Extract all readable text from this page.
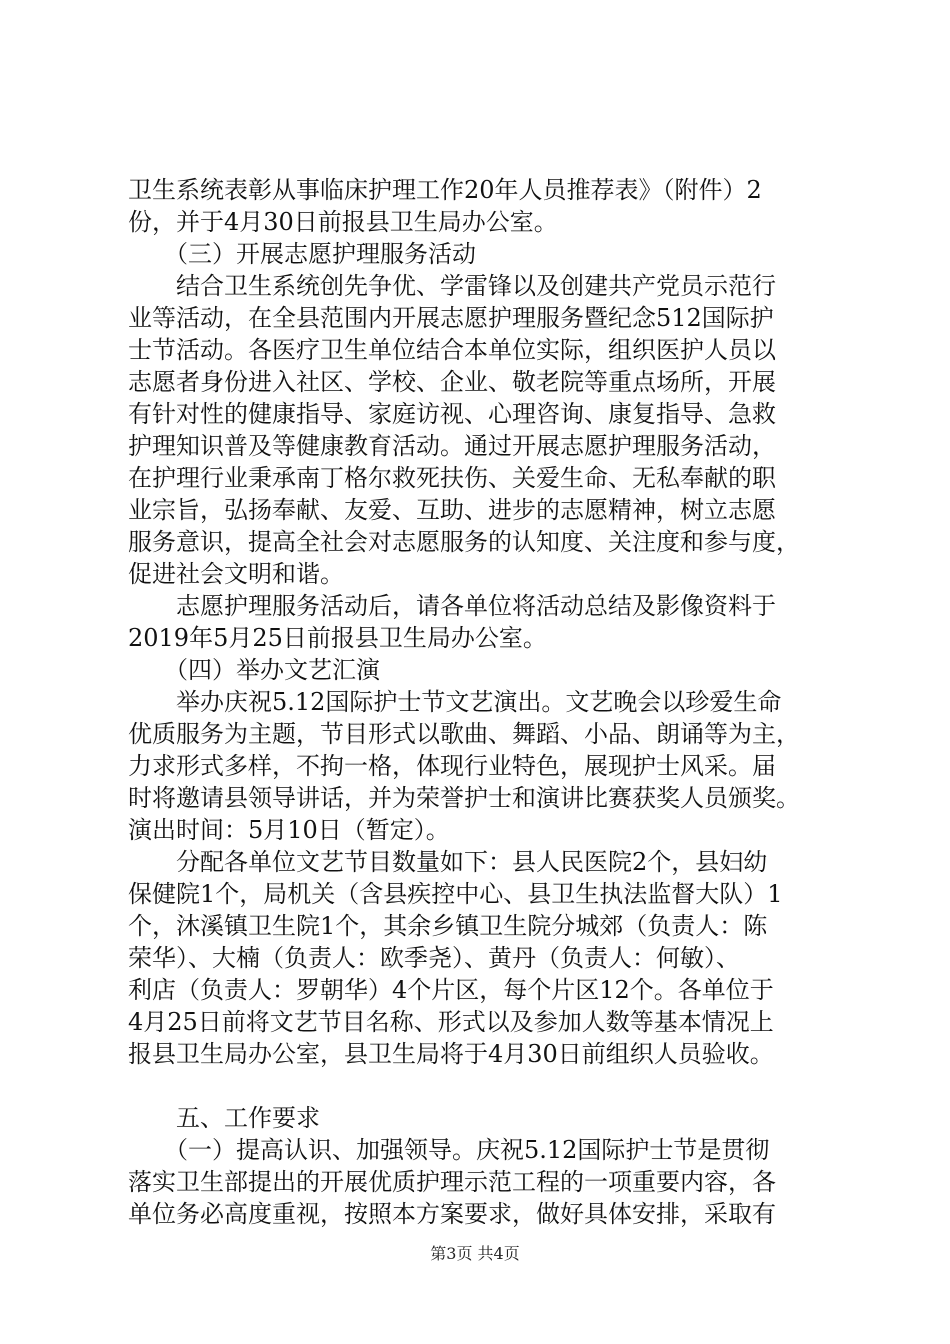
卫生系统表彰从事临床护理工作20年人员推荐表》（附件）2
份，并于4月30日前报县卫生局办公室。
　　（三）开展志愿护理服务活动
　　结合卫生系统创先争优、学雷锋以及创建共产党员示范行
业等活动，在全县范围内开展志愿护理服务暨纪念512国际护
士节活动。各医疗卫生单位结合本单位实际，组织医护人员以
志愿者身份进入社区、学校、企业、敬老院等重点场所，开展
有针对性的健康指导、家庭访视、心理咨询、康复指导、急救
护理知识普及等健康教育活动。通过开展志愿护理服务活动，
在护理行业秉承南丁格尔救死扶伤、关爱生命、无私奉献的职
业宗旨，弘扬奉献、友爱、互助、进步的志愿精神，树立志愿
服务意识，提高全社会对志愿服务的认知度、关注度和参与度，
促进社会文明和谐。
　　志愿护理服务活动后，请各单位将活动总结及影像资料于
2019年5月25日前报县卫生局办公室。
　　（四）举办文艺汇演
　　举办庆祝5.12国际护士节文艺演出。文艺晚会以珍爱生命
优质服务为主题，节目形式以歌曲、舞蹈、小品、朗诵等为主，
力求形式多样，不拘一格，体现行业特色，展现护士风采。届
时将邀请县领导讲话，并为荣誉护士和演讲比赛获奖人员颁奖。
演出时间：5月10日（暂定）。
　　分配各单位文艺节目数量如下：县人民医院2个，县妇幼
保健院1个，局机关（含县疾控中心、县卫生执法监督大队）1
个，沐溪镇卫生院1个，其余乡镇卫生院分城郊（负责人：陈
荣华）、大楠（负责人：欧季尧）、黄丹（负责人：何敏）、
利店（负责人：罗朝华）4个片区，每个片区12个。各单位于
4月25日前将文艺节目名称、形式以及参加人数等基本情况上
报县卫生局办公室，县卫生局将于4月30日前组织人员验收。
　　五、工作要求
　　（一）提高认识、加强领导。庆祝5.12国际护士节是贯彻
落实卫生部提出的开展优质护理示范工程的一项重要内容，各
单位务必高度重视，按照本方案要求，做好具体安排，采取有
第3页 共4页
